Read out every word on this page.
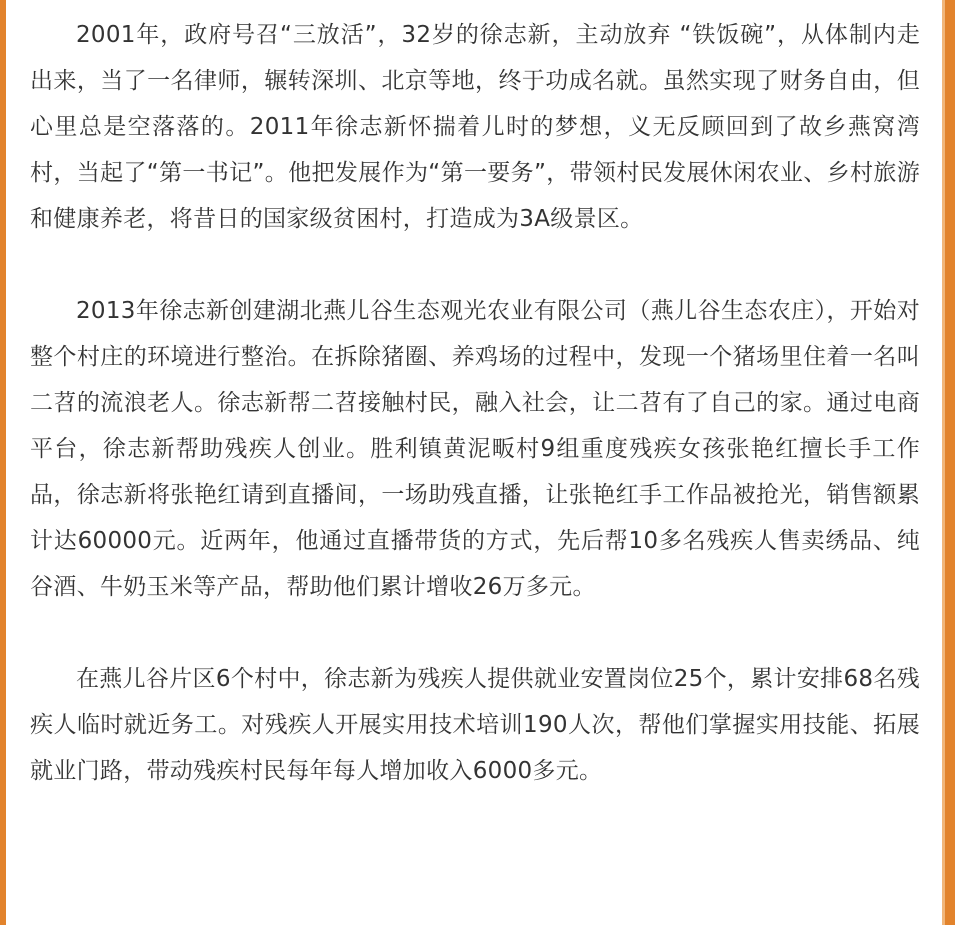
2001年，政府号召“三放活”，32岁的徐志新，主动放弃 “铁饭碗”，从体制内走出来，当了一名律师，辗转深圳、北京等地，终于功成名就。虽然实现了财务自由，但心里总是空落落的。2011年徐志新怀揣着儿时的梦想，义无反顾回到了故乡燕窝湾村，当起了“第一书记”。他把发展作为“第一要务”，带领村民发展休闲农业、乡村旅游和健康养老，将昔日的国家级贫困村，打造成为3A级景区。

2013年徐志新创建湖北燕儿谷生态观光农业有限公司（燕儿谷生态农庄），开始对整个村庄的环境进行整治。在拆除猪圈、养鸡场的过程中，发现一个猪场里住着一名叫二苕的流浪老人。徐志新帮二苕接触村民，融入社会，让二苕有了自己的家。通过电商平台，徐志新帮助残疾人创业。胜利镇黄泥畈村9组重度残疾女孩张艳红擅长手工作品，徐志新将张艳红请到直播间，一场助残直播，让张艳红手工作品被抢光，销售额累计达60000元。近两年，他通过直播带货的方式，先后帮10多名残疾人售卖绣品、纯谷酒、牛奶玉米等产品，帮助他们累计增收26万多元。

在燕儿谷片区6个村中，徐志新为残疾人提供就业安置岗位25个，累计安排68名残疾人临时就近务工。对残疾人开展实用技术培训190人次，帮他们掌握实用技能、拓展就业门路，带动残疾村民每年每人增加收入6000多元。
